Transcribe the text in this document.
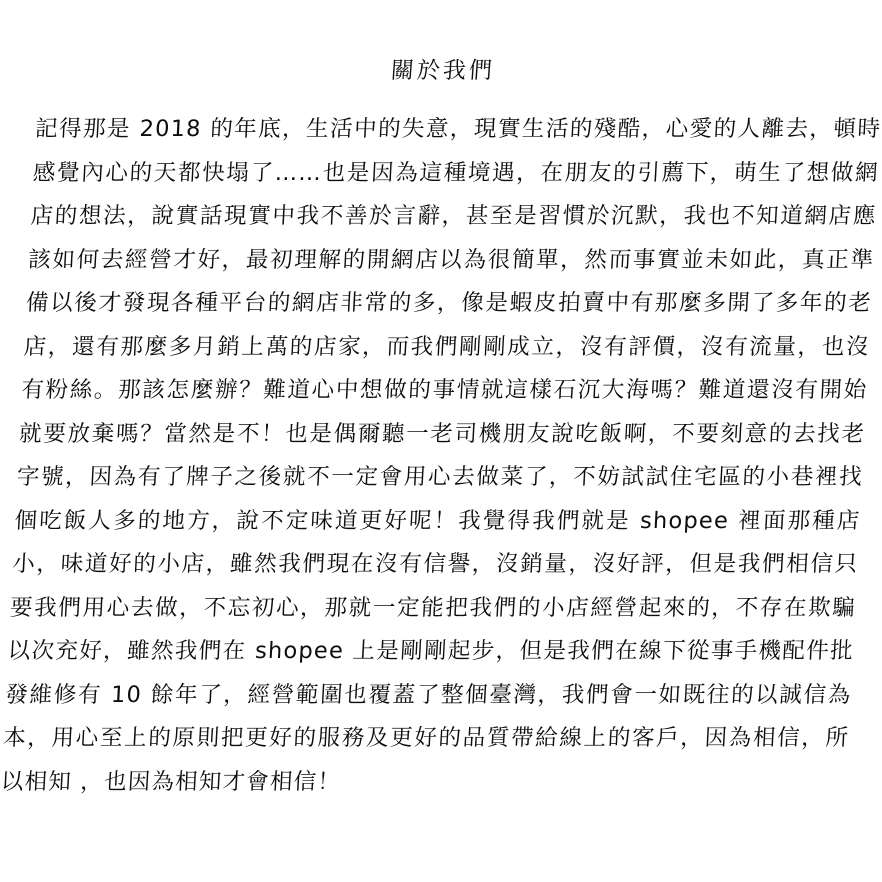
關於我們

記得那是 2018 的年底，生活中的失意，現實生活的殘酷，心愛的人離去，頓時感覺內心的天都快塌了……也是因為這種境遇，在朋友的引薦下，萌生了想做網店的想法，說實話現實中我不善於言辭，甚至是習慣於沉默，我也不知道網店應該如何去經營才好，最初理解的開網店以為很簡單，然而事實並未如此，真正準備以後才發現各種平台的網店非常的多，像是蝦皮拍賣中有那麼多開了多年的老店，還有那麼多月銷上萬的店家，而我們剛剛成立，沒有評價，沒有流量，也沒有粉絲。那該怎麼辦？難道心中想做的事情就這樣石沉大海嗎？難道還沒有開始就要放棄嗎？當然是不！也是偶爾聽一老司機朋友說吃飯啊，不要刻意的去找老字號，因為有了牌子之後就不一定會用心去做菜了，不妨試試住宅區的小巷裡找個吃飯人多的地方，說不定味道更好呢！我覺得我們就是 shopee 裡面那種店小，味道好的小店，雖然我們現在沒有信譽，沒銷量，沒好評，但是我們相信只要我們用心去做，不忘初心，那就一定能把我們的小店經營起來的，不存在欺騙以次充好，雖然我們在 shopee 上是剛剛起步，但是我們在線下從事手機配件批發維修有 10 餘年了，經營範圍也覆蓋了整個臺灣，我們會一如既往的以誠信為本，用心至上的原則把更好的服務及更好的品質帶給線上的客戶，因為相信，所以相知 ，也因為相知才會相信！
